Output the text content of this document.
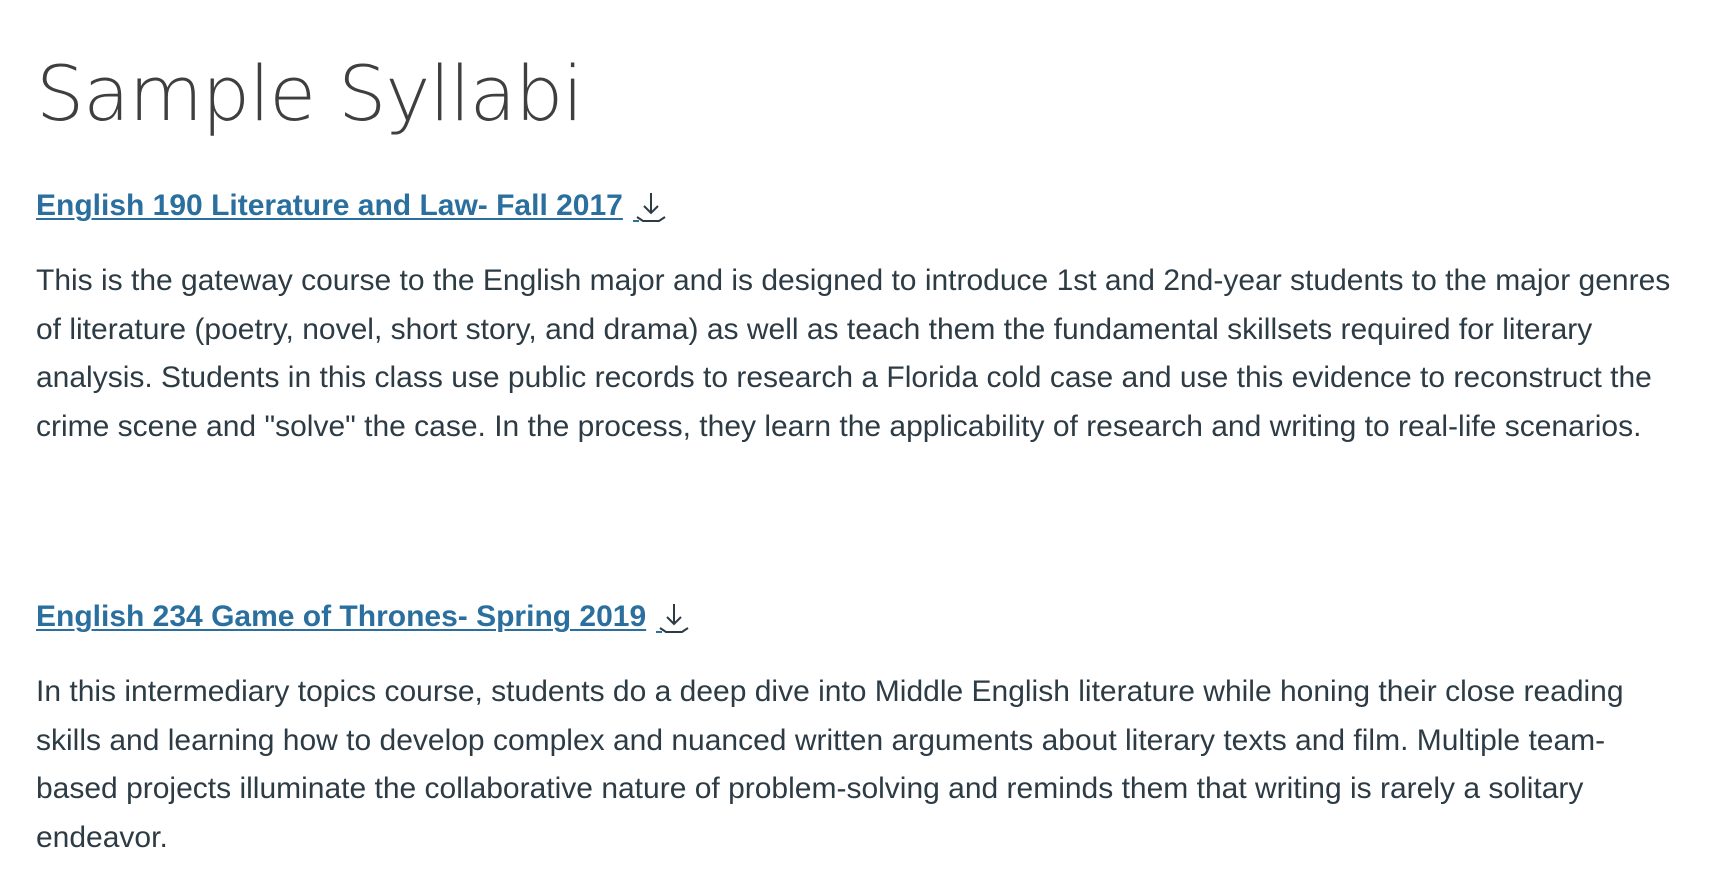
Sample Syllabi
English 190 Literature and Law- Fall 2017

This is the gateway course to the English major and is designed to introduce 1st and 2nd-year students to the major genres of literature (poetry, novel, short story, and drama) as well as teach them the fundamental skillsets required for literary analysis. Students in this class use public records to research a Florida cold case and use this evidence to reconstruct the crime scene and "solve" the case. In the process, they learn the applicability of research and writing to real-life scenarios.

English 234 Game of Thrones- Spring 2019

In this intermediary topics course, students do a deep dive into Middle English literature while honing their close reading skills and learning how to develop complex and nuanced written arguments about literary texts and film. Multiple team-based projects illuminate the collaborative nature of problem-solving and reminds them that writing is rarely a solitary endeavor.
